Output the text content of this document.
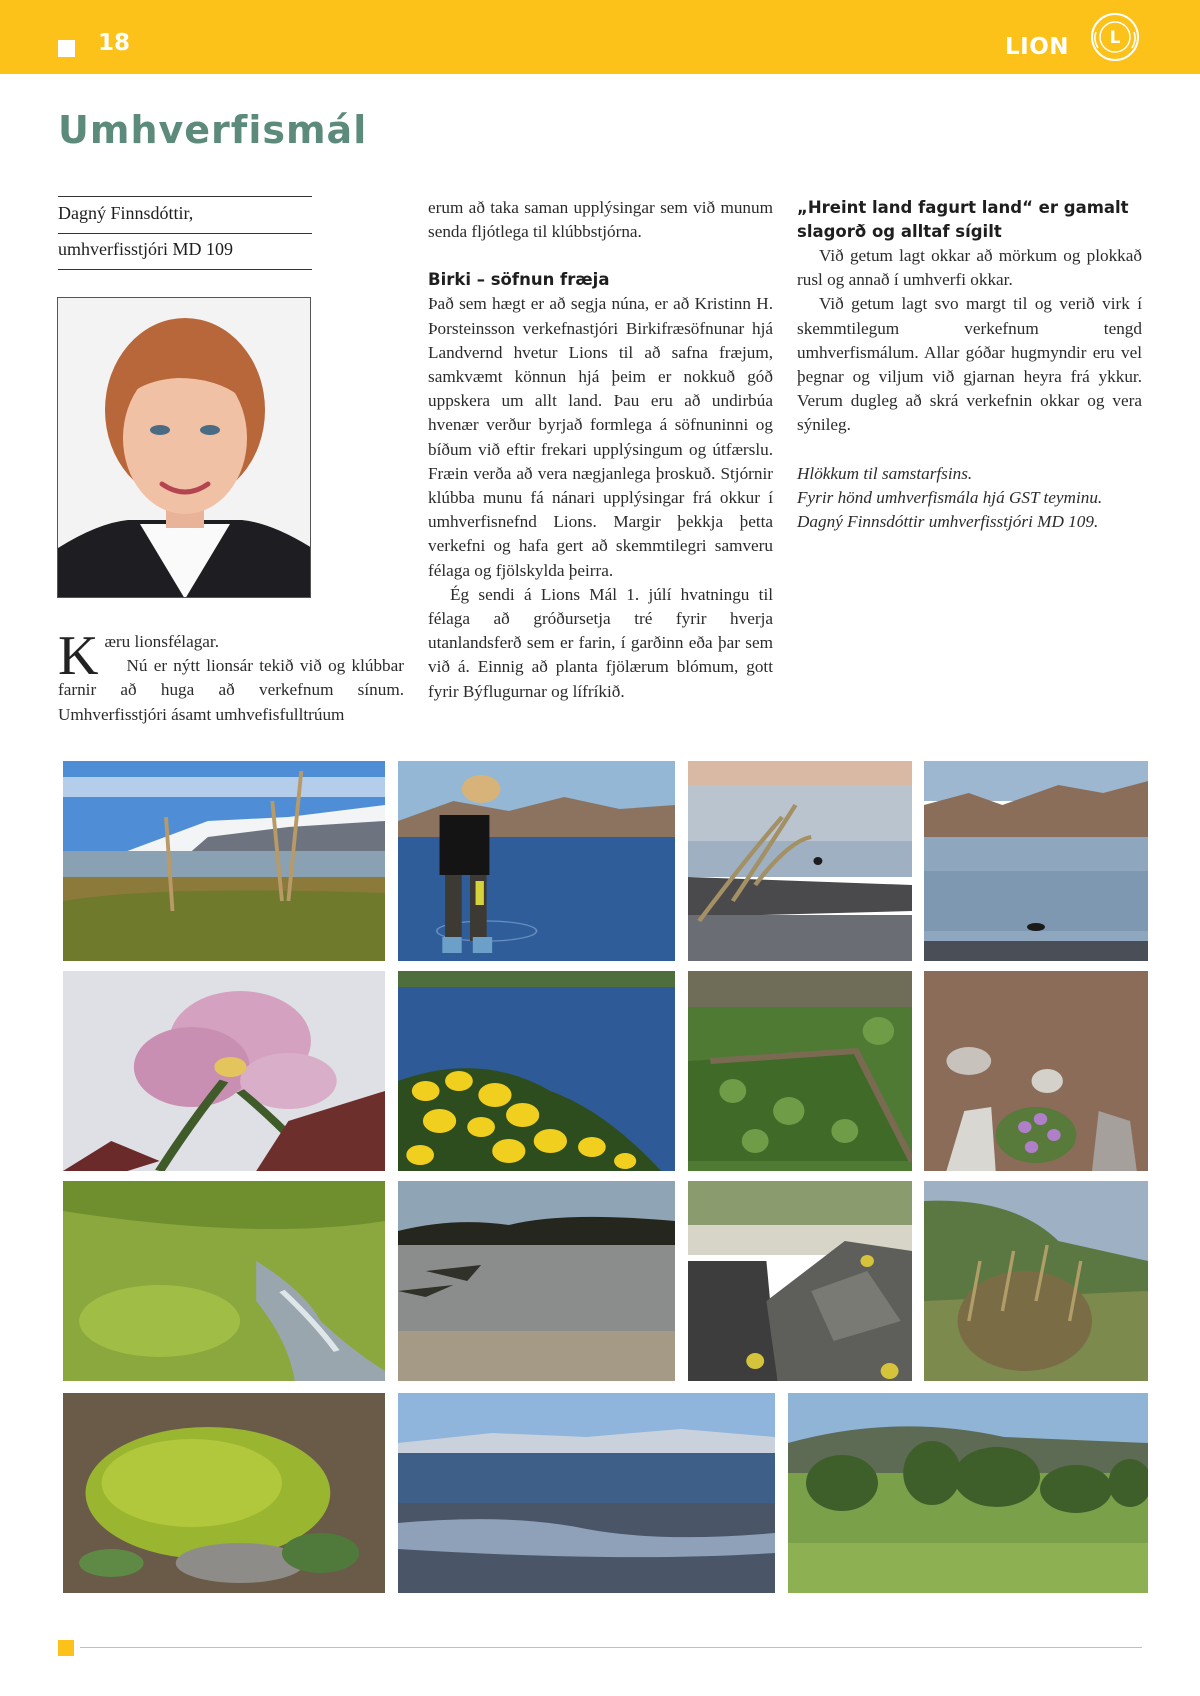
18	LION L
Umhverfismál
Dagný Finnsdóttir,
umhverfisstjóri MD 109

K æru lionsfélagar.

Nú er nýtt lionsár tekið við og klúbbar farnir að huga að verkefnum sínum. Umhverfisstjóri ásamt umhvefisfulltrúum

erum að taka saman upplýsingar sem við munum senda fljótlega til klúbbstjórna.

Birki – söfnun fræja

Það sem hægt er að segja núna, er að Kristinn H. Þorsteinsson verkefnastjóri Birkifræsöfnunar hjá Landvernd hvetur Lions til að safna fræjum, samkvæmt könnun hjá þeim er nokkuð góð uppskera um allt land. Þau eru að undirbúa hvenær verður byrjað formlega á söfnuninni og bíðum við eftir frekari upplýsingum og útfærslu. Fræin verða að vera nægjanlega þroskuð. Stjórnir klúbba munu fá nánari upplýsingar frá okkur í umhverfisnefnd Lions. Margir þekkja þetta verkefni og hafa gert að skemmtilegri samveru félaga og fjölskylda þeirra.

Ég sendi á Lions Mál 1. júlí hvatningu til félaga að gróðursetja tré fyrir hverja utanlandsferð sem er farin, í garðinn eða þar sem við á. Einnig að planta fjölærum blómum, gott fyrir Býflugurnar og lífríkið.

„Hreint land fagurt land“ er gamalt slagorð og alltaf sígilt

Við getum lagt okkar að mörkum og plokkað rusl og annað í umhverfi okkar.

Við getum lagt svo margt til og verið virk í skemmtilegum verkefnum tengd umhverfismálum. Allar góðar hugmyndir eru vel þegnar og viljum við gjarnan heyra frá ykkur. Verum dugleg að skrá verkefnin okkar og vera sýnileg.

Hlökkum til samstarfsins.

Fyrir hönd umhverfismála hjá GST teyminu.

Dagný Finnsdóttir umhverfisstjóri MD 109.
